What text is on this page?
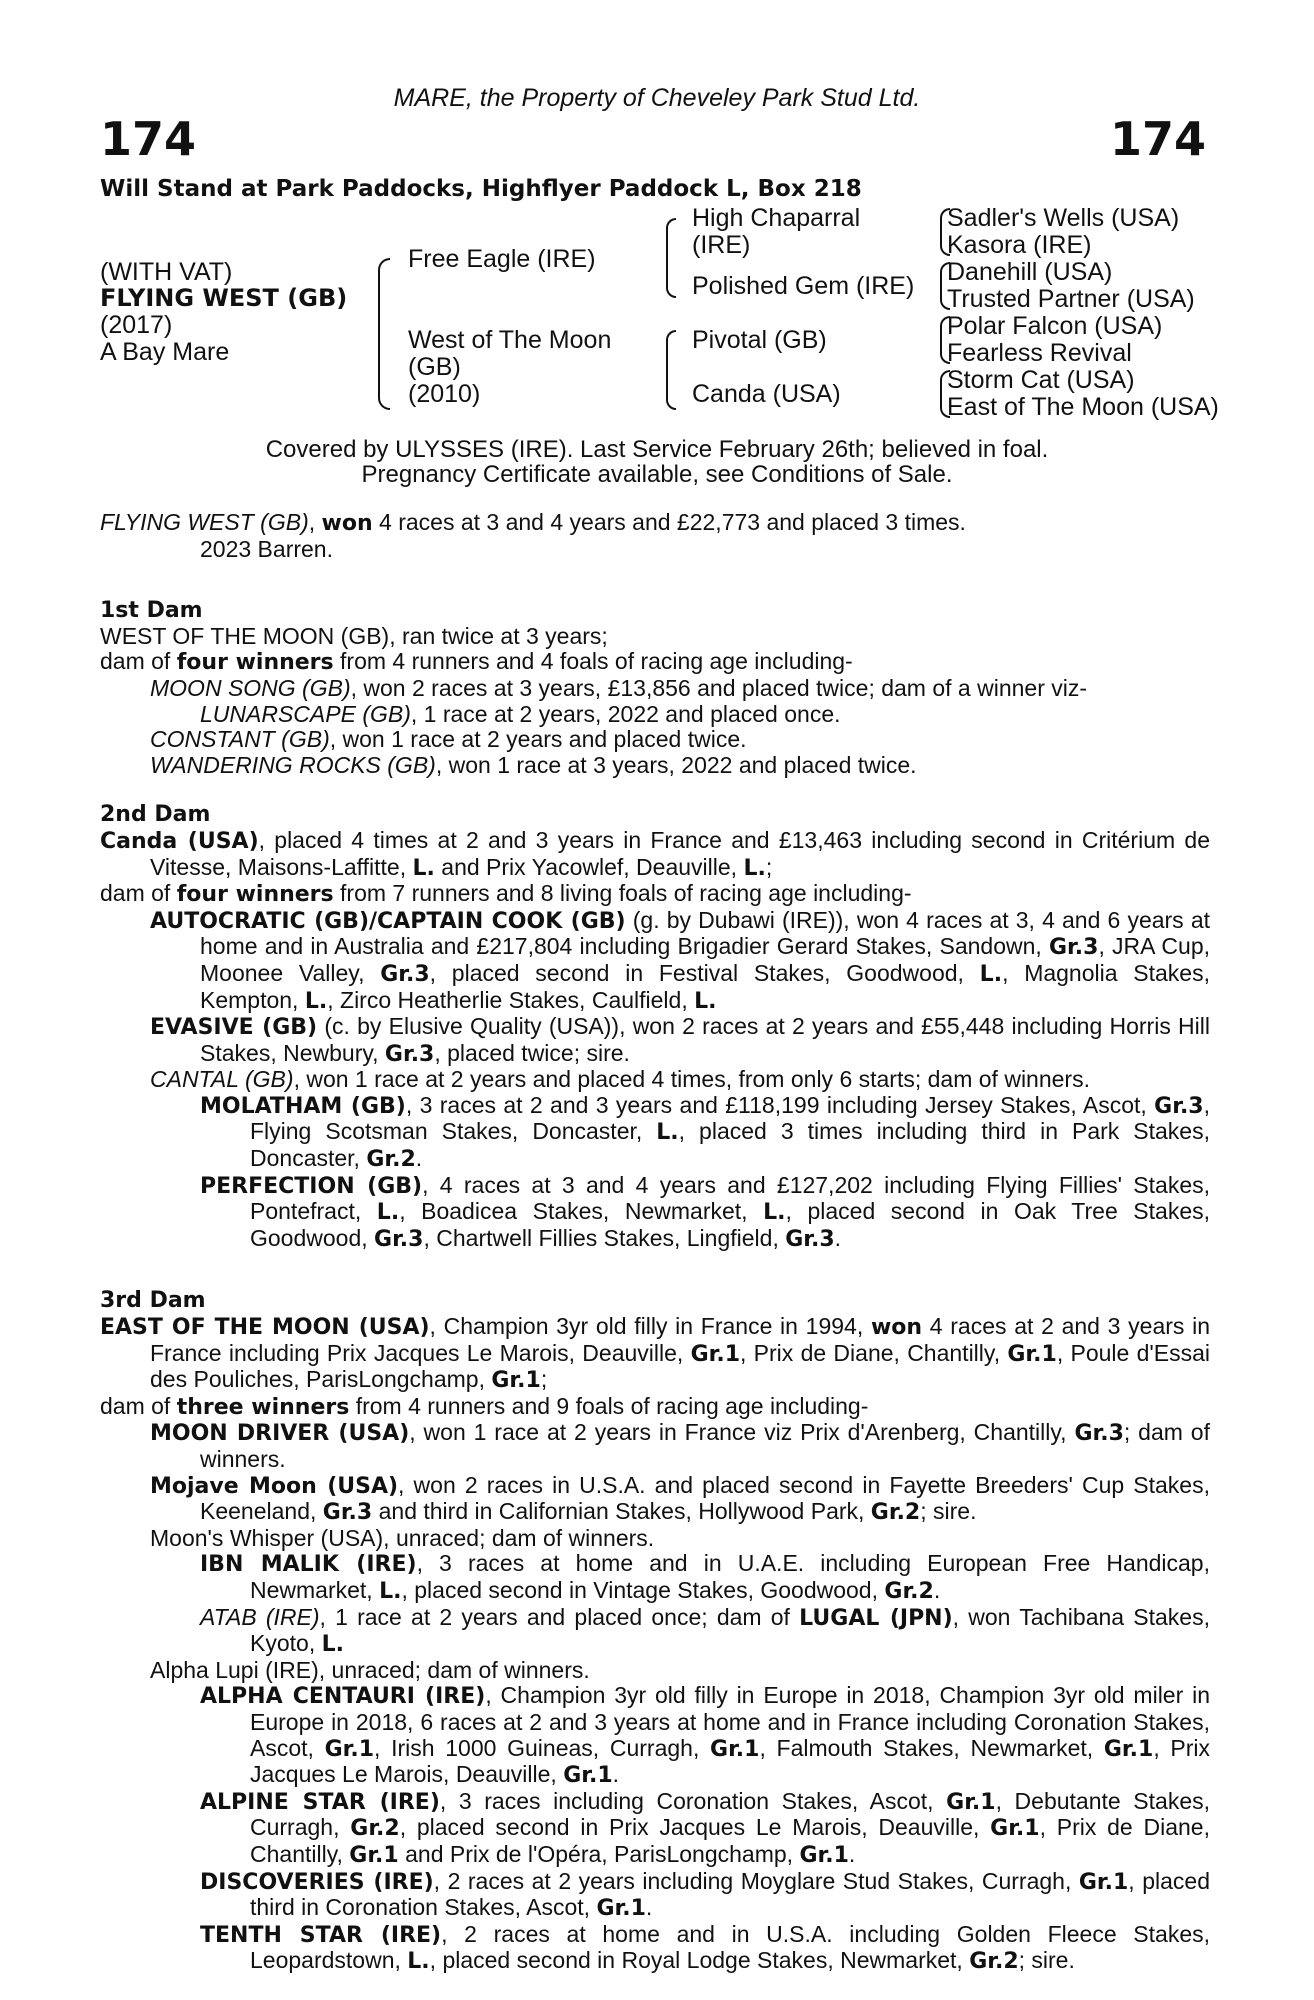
MARE, the Property of Cheveley Park Stud Ltd.
174	174
Will Stand at Park Paddocks, Highflyer Paddock L, Box 218
(WITH VAT)
FLYING WEST (GB)
(2017)
A Bay Mare
Free Eagle (IRE)
West of The Moon
(GB)
(2010)
High Chaparral
(IRE)
Polished Gem (IRE)
Pivotal (GB)
Canda (USA)
Sadler's Wells (USA)
Kasora (IRE)
Danehill (USA)
Trusted Partner (USA)
Polar Falcon (USA)
Fearless Revival
Storm Cat (USA)
East of The Moon (USA)
Covered by ULYSSES (IRE). Last Service February 26th; believed in foal.
Pregnancy Certificate available, see Conditions of Sale.

FLYING WEST (GB), won 4 races at 3 and 4 years and £22,773 and placed 3 times.

2023 Barren.

1st Dam

WEST OF THE MOON (GB), ran twice at 3 years;

dam of four winners from 4 runners and 4 foals of racing age including-

MOON SONG (GB), won 2 races at 3 years, £13,856 and placed twice; dam of a winner viz-

LUNARSCAPE (GB), 1 race at 2 years, 2022 and placed once.

CONSTANT (GB), won 1 race at 2 years and placed twice.

WANDERING ROCKS (GB), won 1 race at 3 years, 2022 and placed twice.

2nd Dam

Canda (USA), placed 4 times at 2 and 3 years in France and £13,463 including second in Critérium de Vitesse, Maisons-Laffitte, L. and Prix Yacowlef, Deauville, L.;

dam of four winners from 7 runners and 8 living foals of racing age including-

AUTOCRATIC (GB)/CAPTAIN COOK (GB) (g. by Dubawi (IRE)), won 4 races at 3, 4 and 6 years at home and in Australia and £217,804 including Brigadier Gerard Stakes, Sandown, Gr.3, JRA Cup, Moonee Valley, Gr.3, placed second in Festival Stakes, Goodwood, L., Magnolia Stakes, Kempton, L., Zirco Heatherlie Stakes, Caulfield, L.

EVASIVE (GB) (c. by Elusive Quality (USA)), won 2 races at 2 years and £55,448 including Horris Hill Stakes, Newbury, Gr.3, placed twice; sire.

CANTAL (GB), won 1 race at 2 years and placed 4 times, from only 6 starts; dam of winners.

MOLATHAM (GB), 3 races at 2 and 3 years and £118,199 including Jersey Stakes, Ascot, Gr.3, Flying Scotsman Stakes, Doncaster, L., placed 3 times including third in Park Stakes, Doncaster, Gr.2.

PERFECTION (GB), 4 races at 3 and 4 years and £127,202 including Flying Fillies' Stakes, Pontefract, L., Boadicea Stakes, Newmarket, L., placed second in Oak Tree Stakes, Goodwood, Gr.3, Chartwell Fillies Stakes, Lingfield, Gr.3.

3rd Dam

EAST OF THE MOON (USA), Champion 3yr old filly in France in 1994, won 4 races at 2 and 3 years in France including Prix Jacques Le Marois, Deauville, Gr.1, Prix de Diane, Chantilly, Gr.1, Poule d'Essai des Pouliches, ParisLongchamp, Gr.1;

dam of three winners from 4 runners and 9 foals of racing age including-

MOON DRIVER (USA), won 1 race at 2 years in France viz Prix d'Arenberg, Chantilly, Gr.3; dam of winners.

Mojave Moon (USA), won 2 races in U.S.A. and placed second in Fayette Breeders' Cup Stakes, Keeneland, Gr.3 and third in Californian Stakes, Hollywood Park, Gr.2; sire.

Moon's Whisper (USA), unraced; dam of winners.

IBN MALIK (IRE), 3 races at home and in U.A.E. including European Free Handicap, Newmarket, L., placed second in Vintage Stakes, Goodwood, Gr.2.

ATAB (IRE), 1 race at 2 years and placed once; dam of LUGAL (JPN), won Tachibana Stakes, Kyoto, L.

Alpha Lupi (IRE), unraced; dam of winners.

ALPHA CENTAURI (IRE), Champion 3yr old filly in Europe in 2018, Champion 3yr old miler in Europe in 2018, 6 races at 2 and 3 years at home and in France including Coronation Stakes, Ascot, Gr.1, Irish 1000 Guineas, Curragh, Gr.1, Falmouth Stakes, Newmarket, Gr.1, Prix Jacques Le Marois, Deauville, Gr.1.

ALPINE STAR (IRE), 3 races including Coronation Stakes, Ascot, Gr.1, Debutante Stakes, Curragh, Gr.2, placed second in Prix Jacques Le Marois, Deauville, Gr.1, Prix de Diane, Chantilly, Gr.1 and Prix de l'Opéra, ParisLongchamp, Gr.1.

DISCOVERIES (IRE), 2 races at 2 years including Moyglare Stud Stakes, Curragh, Gr.1, placed third in Coronation Stakes, Ascot, Gr.1.

TENTH STAR (IRE), 2 races at home and in U.S.A. including Golden Fleece Stakes, Leopardstown, L., placed second in Royal Lodge Stakes, Newmarket, Gr.2; sire.
